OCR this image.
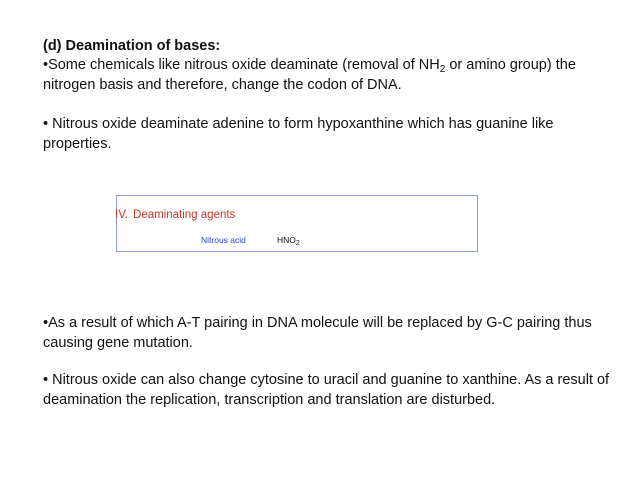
(d) Deamination of bases:
•Some chemicals like nitrous oxide deaminate (removal of $NH_2$ or amino group) the nitrogen basis and therefore, change the codon of DNA.
• Nitrous oxide deaminate adenine to form hypoxanthine which has guanine like properties.
IV. Deaminating agents
Nitrous acid	$HNO_2$
•As a result of which A-T pairing in DNA molecule will be replaced by G-C pairing thus causing gene mutation.
• Nitrous oxide can also change cytosine to uracil and guanine to xanthine. As a result of deamination the replication, transcription and translation are disturbed.
